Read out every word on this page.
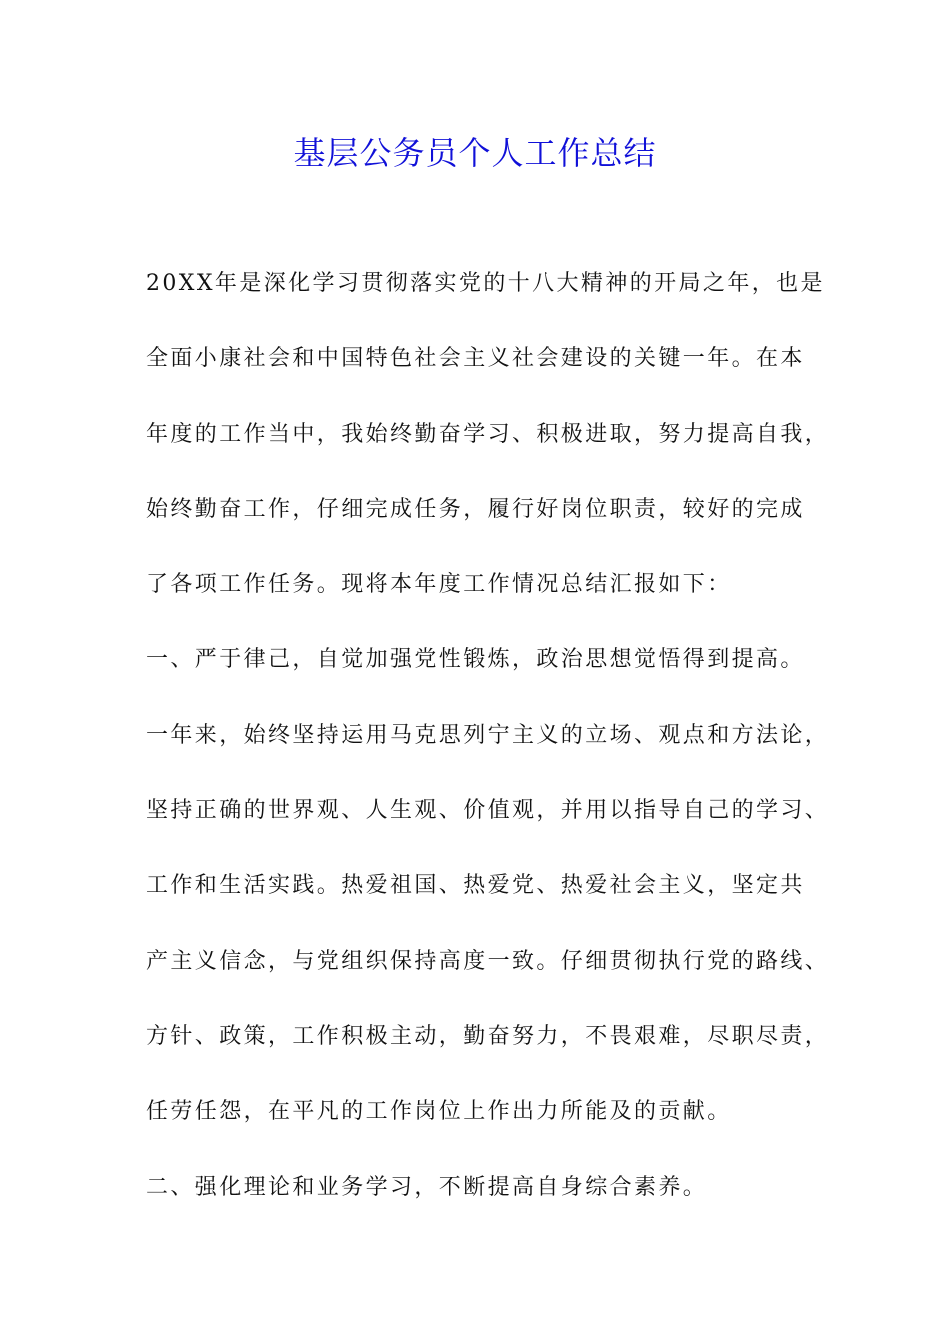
基层公务员个人工作总结
20XX年是深化学习贯彻落实党的十八大精神的开局之年，也是
全面小康社会和中国特色社会主义社会建设的关键一年。在本
年度的工作当中，我始终勤奋学习、积极进取，努力提高自我，
始终勤奋工作，仔细完成任务，履行好岗位职责，较好的完成
了各项工作任务。现将本年度工作情况总结汇报如下：
一、严于律己，自觉加强党性锻炼，政治思想觉悟得到提高。
一年来，始终坚持运用马克思列宁主义的立场、观点和方法论，
坚持正确的世界观、人生观、价值观，并用以指导自己的学习、
工作和生活实践。热爱祖国、热爱党、热爱社会主义，坚定共
产主义信念，与党组织保持高度一致。仔细贯彻执行党的路线、
方针、政策，工作积极主动，勤奋努力，不畏艰难，尽职尽责，
任劳任怨，在平凡的工作岗位上作出力所能及的贡献。
二、强化理论和业务学习，不断提高自身综合素养。
